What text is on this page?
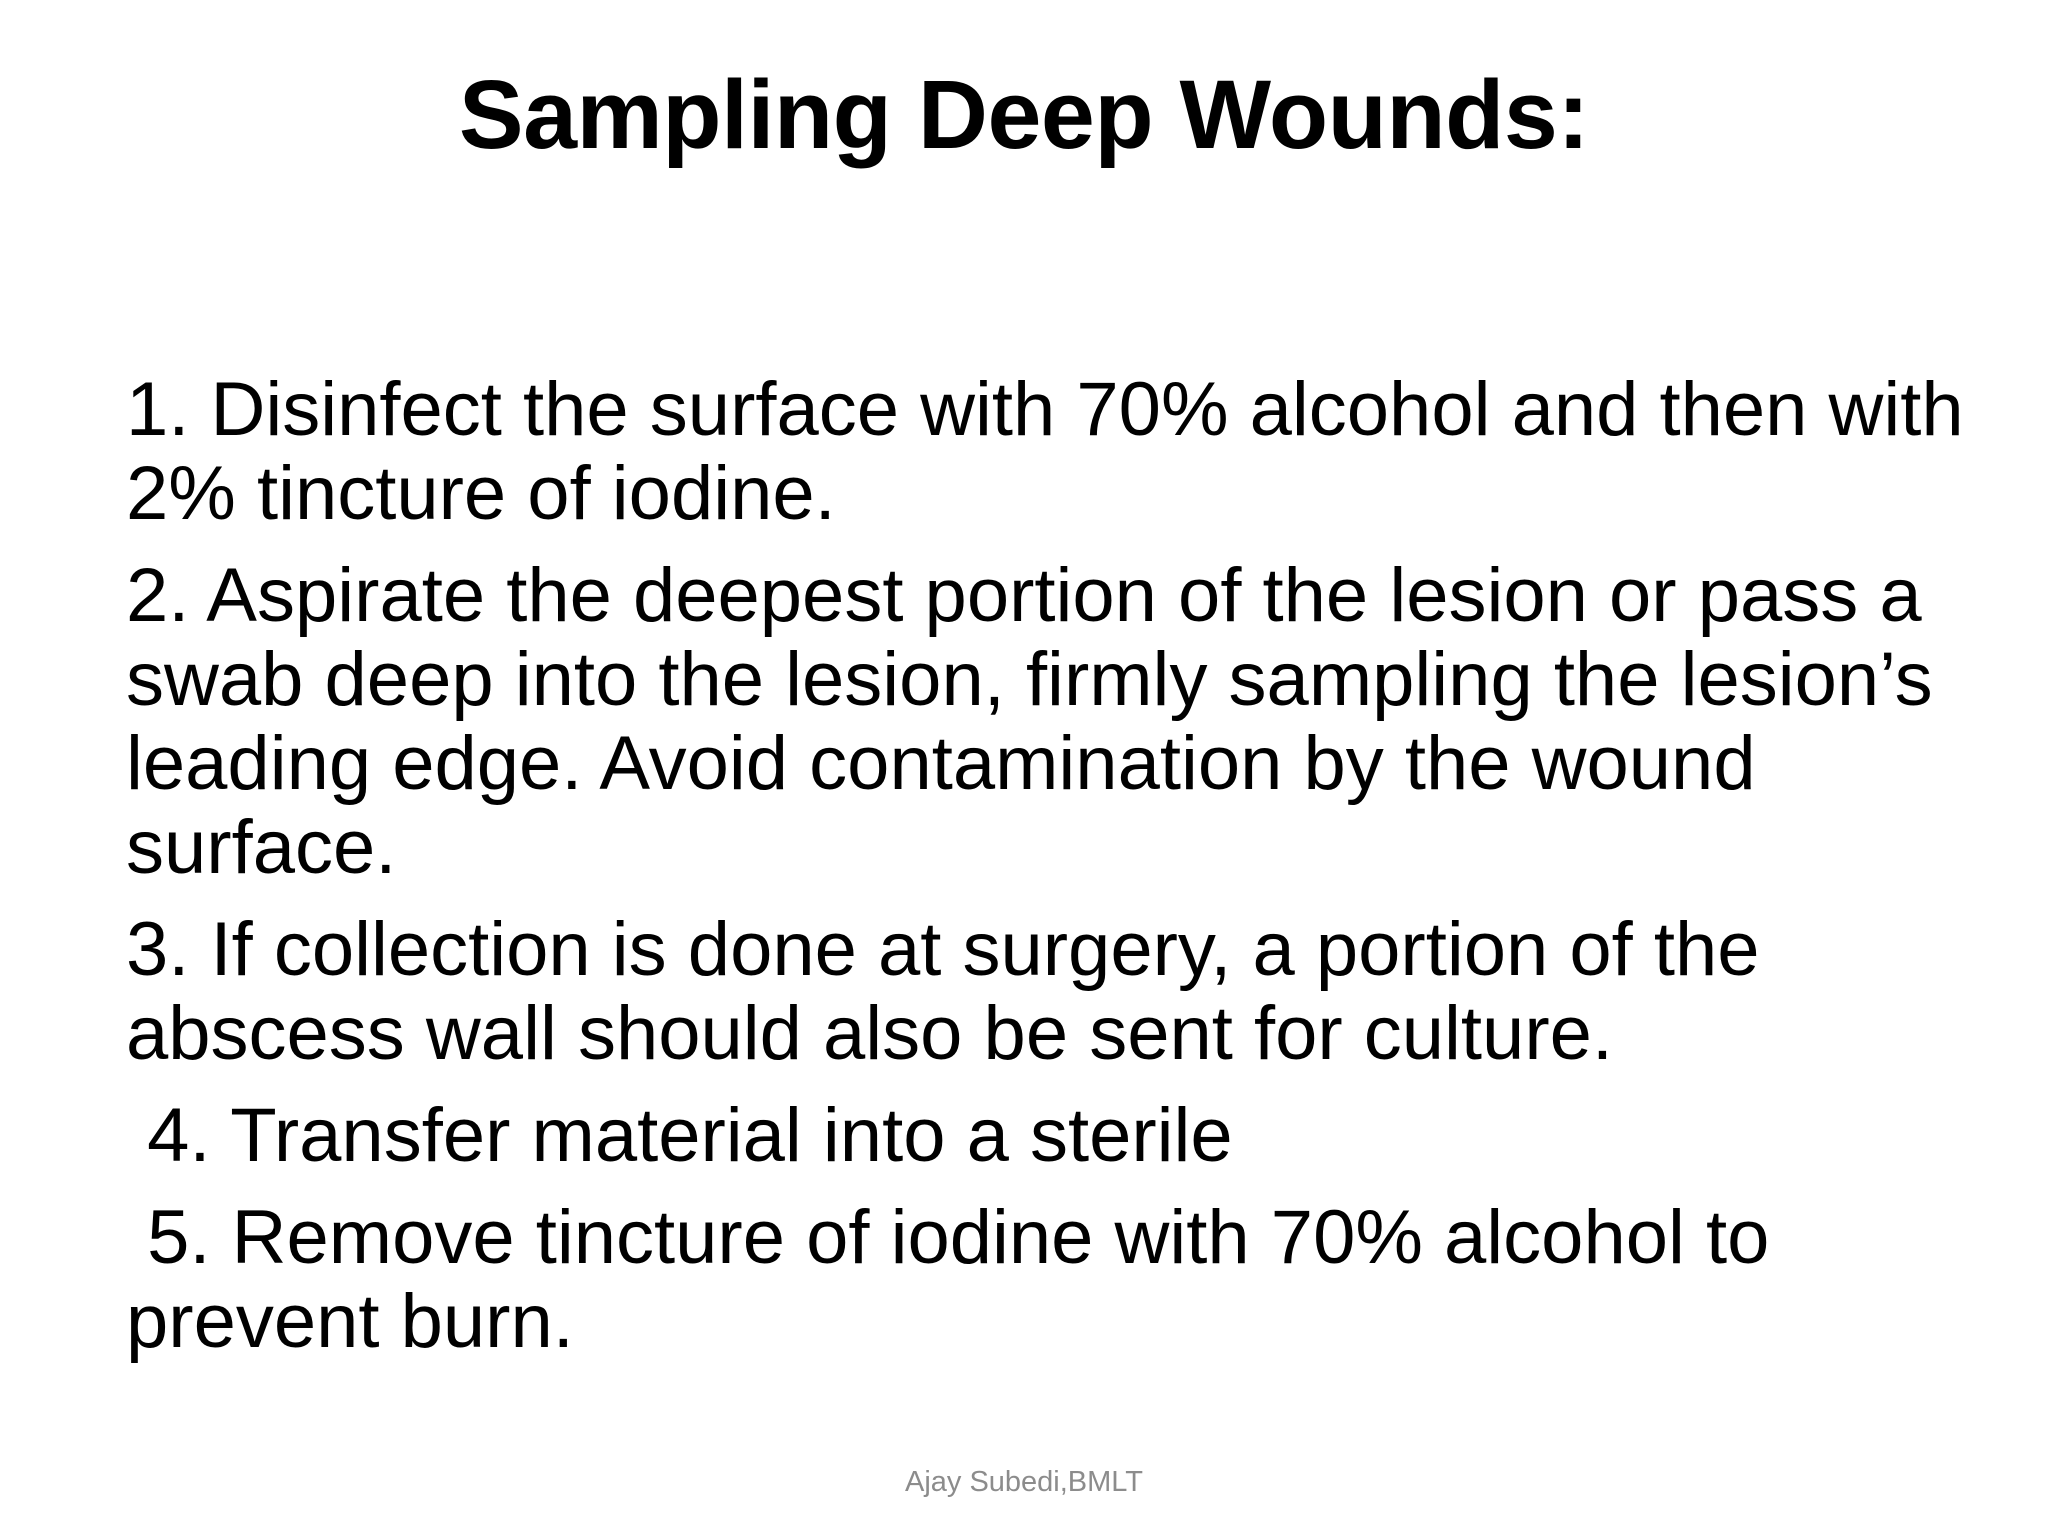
Sampling Deep Wounds:
1. Disinfect the surface with 70% alcohol and then with 2% tincture of iodine.
2. Aspirate the deepest portion of the lesion or pass a swab deep into the lesion, firmly sampling the lesion’s leading edge. Avoid contamination by the wound surface.
3. If collection is done at surgery, a portion of the abscess wall should also be sent for culture.
4. Transfer material into a sterile
5. Remove tincture of iodine with 70% alcohol to prevent burn.
Ajay Subedi,BMLT
